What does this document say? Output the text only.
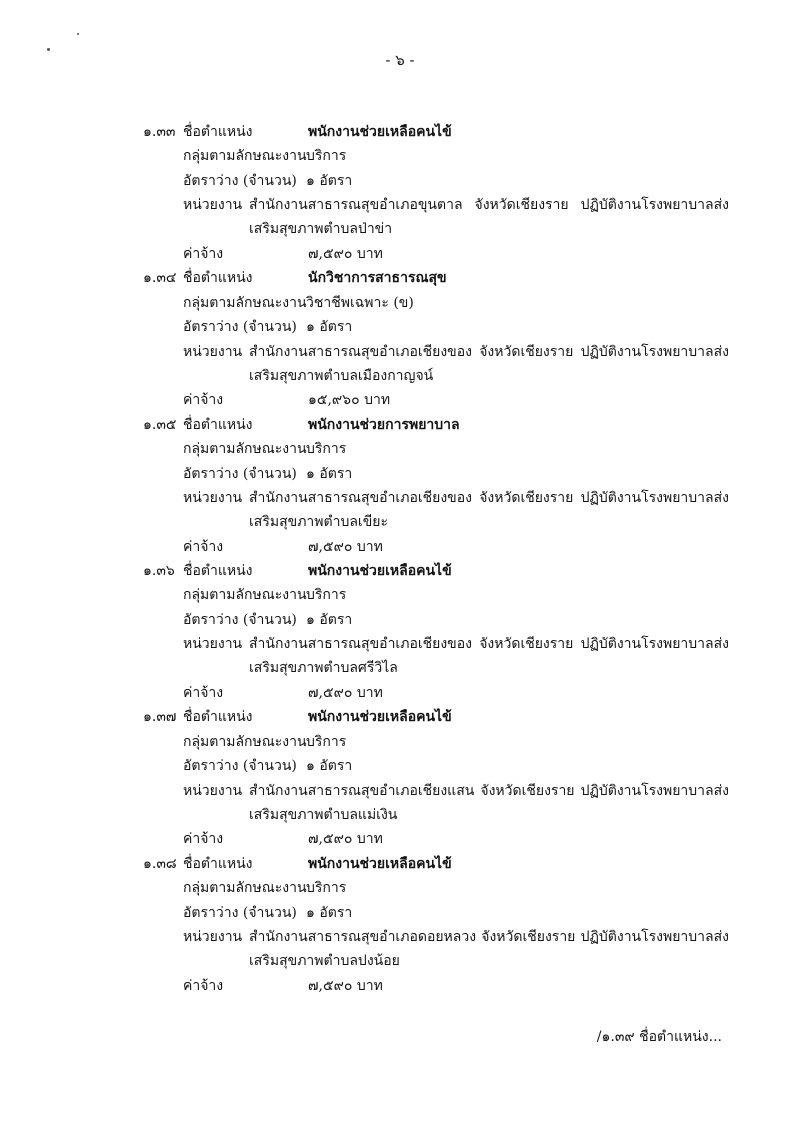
- ๖ -
๑.๓๓ ชื่อตำแหน่ง	พนักงานช่วยเหลือคนไข้
กลุ่มตามลักษณะงาน บริการ
อัตราว่าง (จำนวน) ๑ อัตรา
หน่วยงาน สำนักงานสาธารณสุขอำเภอขุนตาล จังหวัดเชียงราย ปฏิบัติงานโรงพยาบาลส่งเสริมสุขภาพตำบลป่าข่า
ค่าจ้าง	๗,๕๙๐ บาท
๑.๓๔ ชื่อตำแหน่ง	นักวิชาการสาธารณสุข
กลุ่มตามลักษณะงาน วิชาชีพเฉพาะ (ข)
อัตราว่าง (จำนวน) ๑ อัตรา
หน่วยงาน สำนักงานสาธารณสุขอำเภอเชียงของ จังหวัดเชียงราย ปฏิบัติงานโรงพยาบาลส่งเสริมสุขภาพตำบลเมืองกาญจน์
ค่าจ้าง	๑๕,๙๖๐ บาท
๑.๓๕ ชื่อตำแหน่ง	พนักงานช่วยการพยาบาล
กลุ่มตามลักษณะงาน บริการ
อัตราว่าง (จำนวน) ๑ อัตรา
หน่วยงาน สำนักงานสาธารณสุขอำเภอเชียงของ จังหวัดเชียงราย ปฏิบัติงานโรงพยาบาลส่งเสริมสุขภาพตำบลเขียะ
ค่าจ้าง	๗,๕๙๐ บาท
๑.๓๖ ชื่อตำแหน่ง	พนักงานช่วยเหลือคนไข้
กลุ่มตามลักษณะงาน บริการ
อัตราว่าง (จำนวน) ๑ อัตรา
หน่วยงาน สำนักงานสาธารณสุขอำเภอเชียงของ จังหวัดเชียงราย ปฏิบัติงานโรงพยาบาลส่งเสริมสุขภาพตำบลศรีวิไล
ค่าจ้าง	๗,๕๙๐ บาท
๑.๓๗ ชื่อตำแหน่ง	พนักงานช่วยเหลือคนไข้
กลุ่มตามลักษณะงาน บริการ
อัตราว่าง (จำนวน) ๑ อัตรา
หน่วยงาน สำนักงานสาธารณสุขอำเภอเชียงแสน จังหวัดเชียงราย ปฏิบัติงานโรงพยาบาลส่งเสริมสุขภาพตำบลแม่เงิน
ค่าจ้าง	๗,๕๙๐ บาท
๑.๓๘ ชื่อตำแหน่ง	พนักงานช่วยเหลือคนไข้
กลุ่มตามลักษณะงาน บริการ
อัตราว่าง (จำนวน) ๑ อัตรา
หน่วยงาน สำนักงานสาธารณสุขอำเภอดอยหลวง จังหวัดเชียงราย ปฏิบัติงานโรงพยาบาลส่งเสริมสุขภาพตำบลปงน้อย
ค่าจ้าง	๗,๕๙๐ บาท
/๑.๓๙ ชื่อตำแหน่ง...
